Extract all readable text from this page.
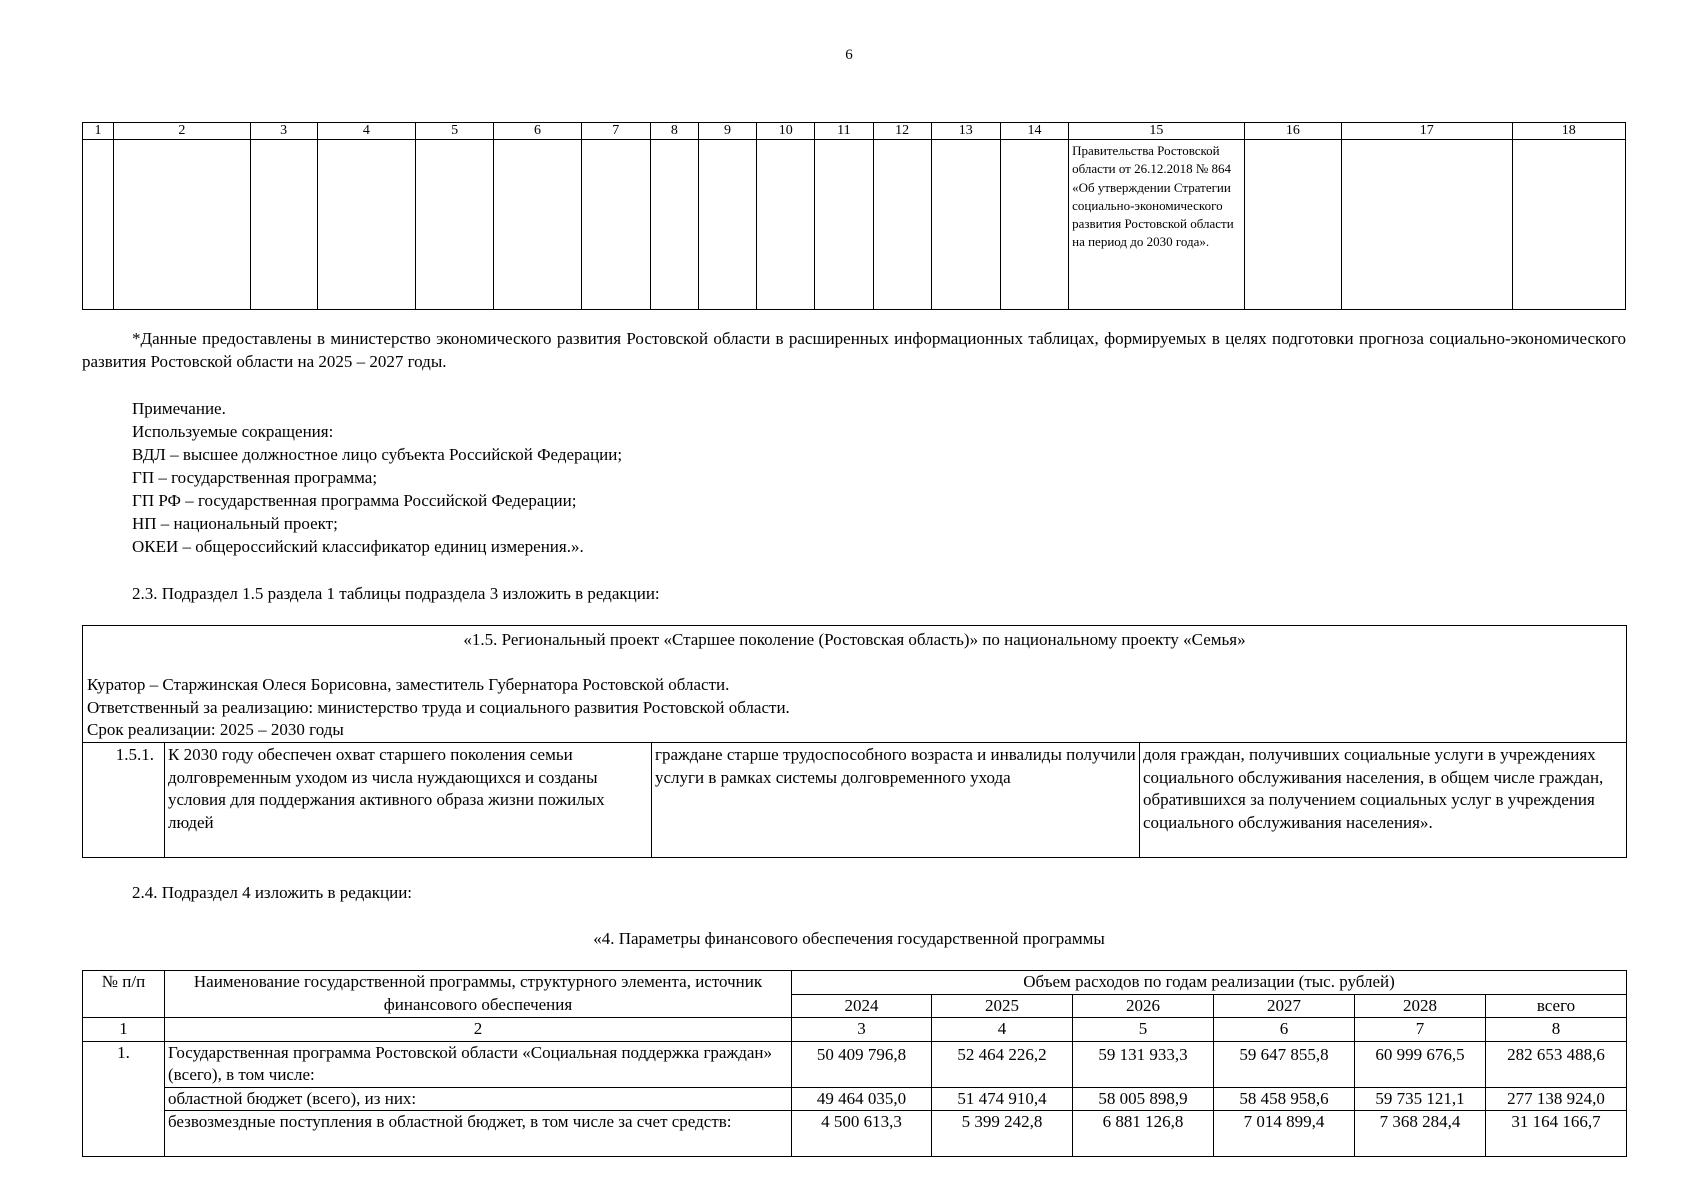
6
1	2	3	4	5	6	7	8	9	10	11	12	13	14	15	16	17	18
														Правительства Ростовской области от 26.12.2018 № 864 «Об утверждении Стратегии социально-экономического развития Ростовской области на период до 2030 года».			
*Данные предоставлены в министерство экономического развития Ростовской области в расширенных информационных таблицах, формируемых в целях подготовки прогноза социально-экономического развития Ростовской области на 2025 – 2027 годы.
Примечание.
Используемые сокращения:
ВДЛ – высшее должностное лицо субъекта Российской Федерации;
ГП – государственная программа;
ГП РФ – государственная программа Российской Федерации;
НП – национальный проект;
ОКЕИ – общероссийский классификатор единиц измерения.».
2.3. Подраздел 1.5 раздела 1 таблицы подраздела 3 изложить в редакции:
«1.5. Региональный проект «Старшее поколение (Ростовская область)» по национальному проекту «Семья»
Куратор – Старжинская Олеся Борисовна, заместитель Губернатора Ростовской области.
Ответственный за реализацию: министерство труда и социального развития Ростовской области.
Срок реализации: 2025 – 2030 годы

1.5.1.	К 2030 году обеспечен охват старшего поколения семьи долговременным уходом из числа нуждающихся и созданы условия для поддержания активного образа жизни пожилых людей	граждане старше трудоспособного возраста и инвалиды получили услуги в рамках системы долговременного ухода	доля граждан, получивших социальные услуги в учреждениях социального обслуживания населения, в общем числе граждан, обратившихся за получением социальных услуг в учреждения социального обслуживания населения».
2.4. Подраздел 4 изложить в редакции:
«4. Параметры финансового обеспечения государственной программы
№ п/п	Наименование государственной программы, структурного элемента, источник финансового обеспечения	Объем расходов по годам реализации (тыс. рублей)					
		2024	2025	2026	2027	2028	всего
1	2	3	4	5	6	7	8
1.	Государственная программа Ростовской области «Социальная поддержка граждан» (всего), в том числе:	50 409 796,8	52 464 226,2	59 131 933,3	59 647 855,8	60 999 676,5	282 653 488,6
	областной бюджет (всего), из них:	49 464 035,0	51 474 910,4	58 005 898,9	58 458 958,6	59 735 121,1	277 138 924,0
	безвозмездные поступления в областной бюджет, в том числе за счет средств:	4 500 613,3	5 399 242,8	6 881 126,8	7 014 899,4	7 368 284,4	31 164 166,7
